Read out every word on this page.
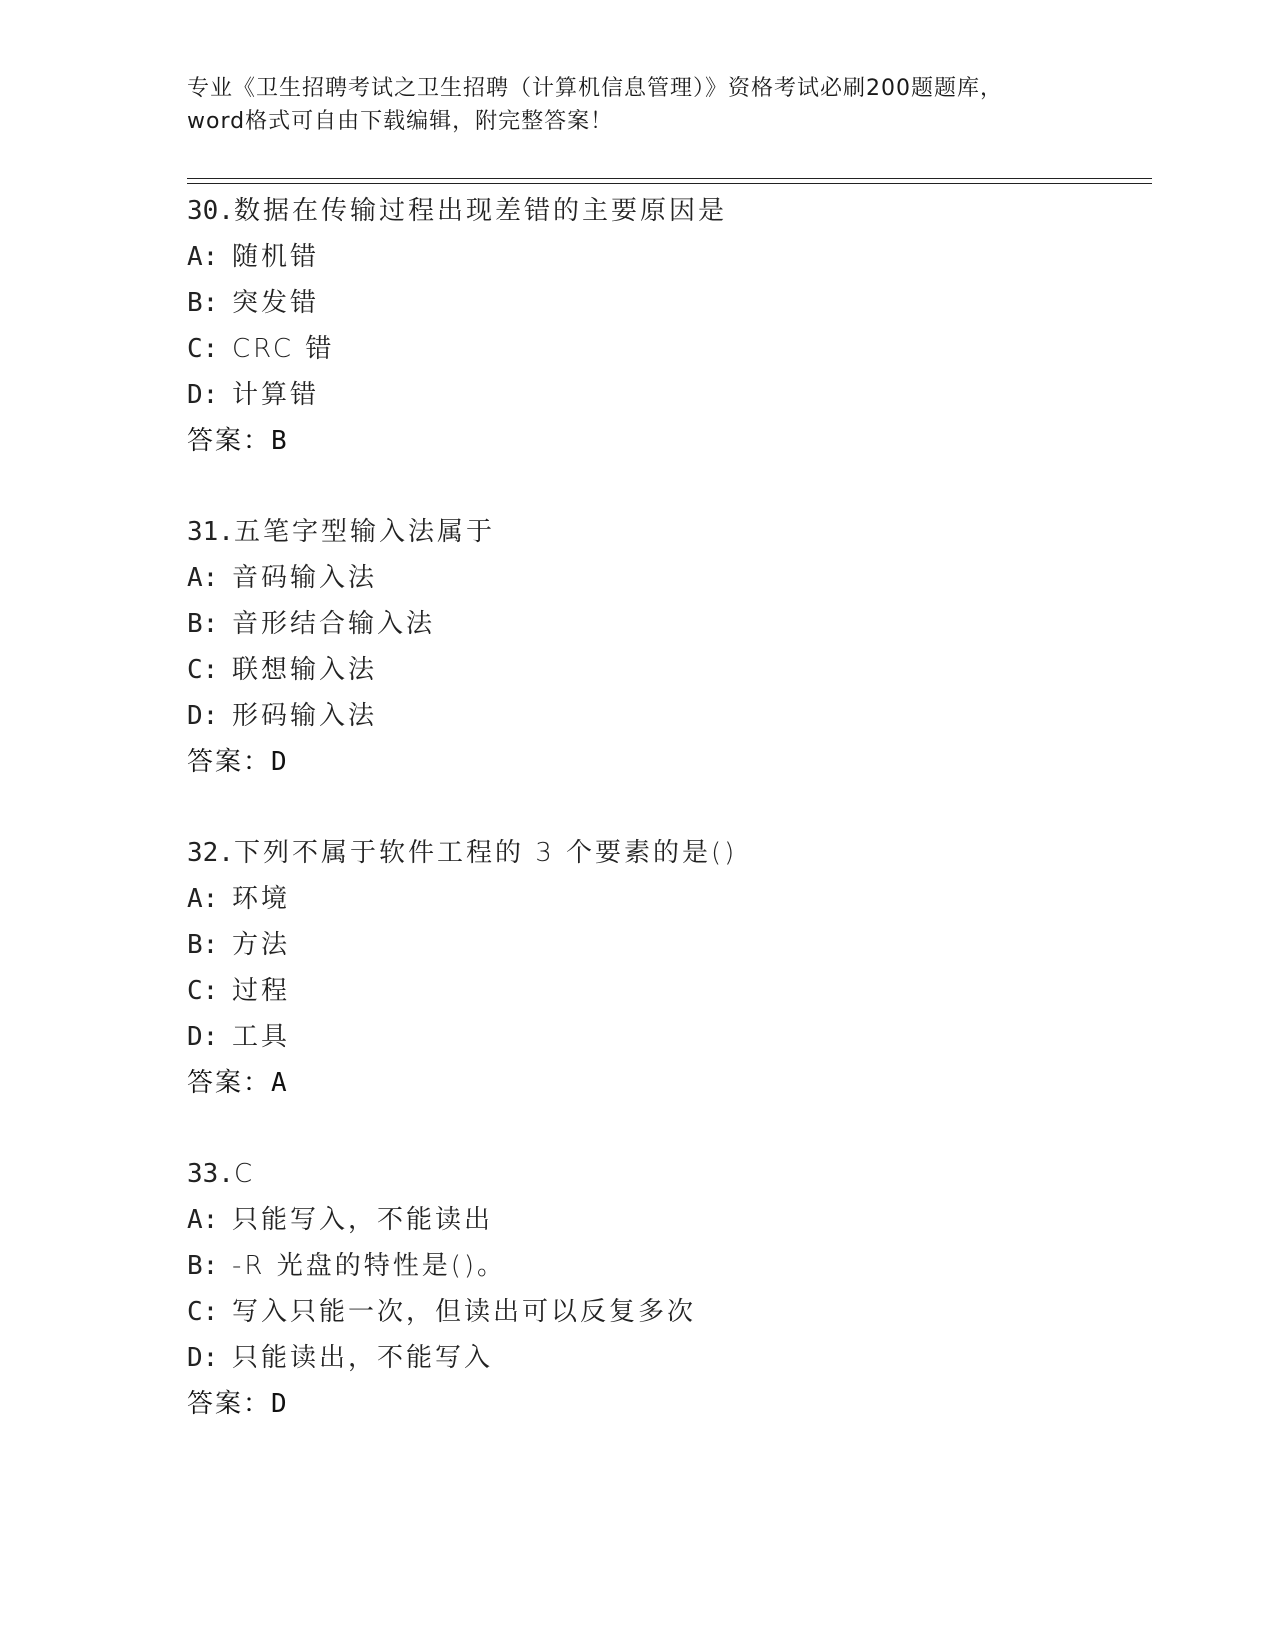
专业《卫生招聘考试之卫生招聘（计算机信息管理）》资格考试必刷200题题库，
word格式可自由下载编辑，附完整答案！
30.数据在传输过程出现差错的主要原因是
A: 随机错
B: 突发错
C: CRC 错
D: 计算错
答案：B
31.五笔字型输入法属于
A: 音码输入法
B: 音形结合输入法
C: 联想输入法
D: 形码输入法
答案：D
32.下列不属于软件工程的 3 个要素的是()
A: 环境
B: 方法
C: 过程
D: 工具
答案：A
33.C
A: 只能写入，不能读出
B: -R 光盘的特性是()。
C: 写入只能一次，但读出可以反复多次
D: 只能读出，不能写入
答案：D
